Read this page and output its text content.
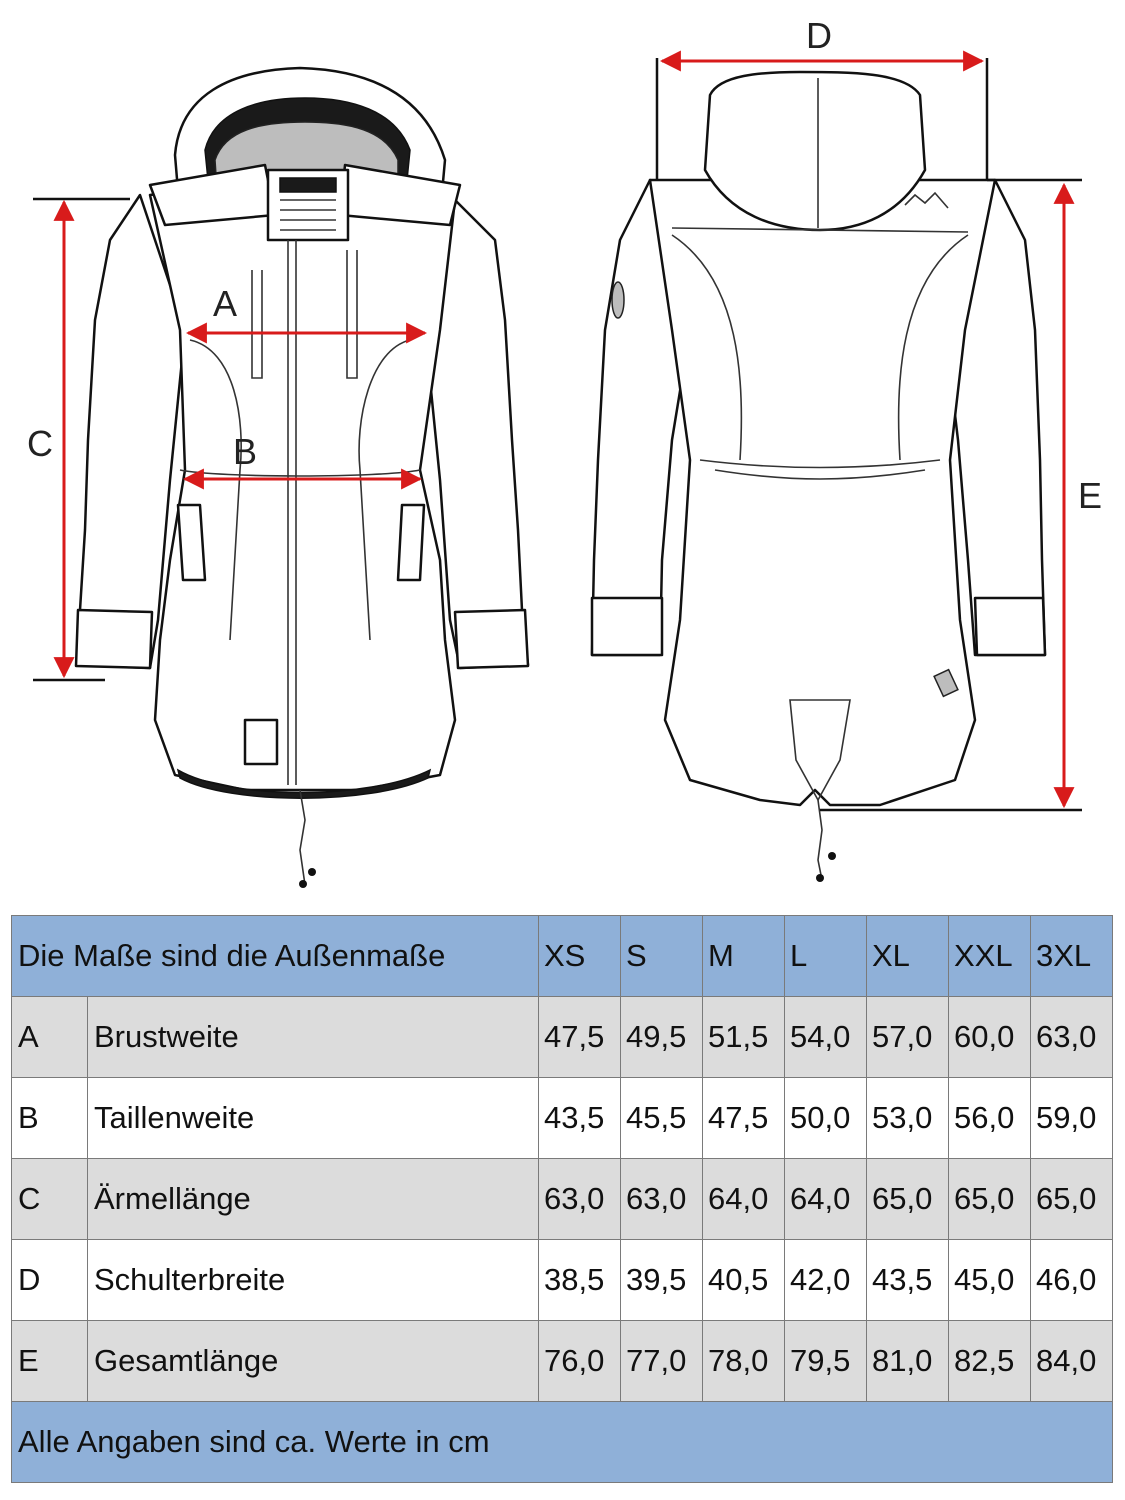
A
B
C
D
E
Die Maße sind die Außenmaße		XS	S	M	L	XL	XXL	3XL
A	Brustweite	47,5	49,5	51,5	54,0	57,0	60,0	63,0
B	Taillenweite	43,5	45,5	47,5	50,0	53,0	56,0	59,0
C	Ärmellänge	63,0	63,0	64,0	64,0	65,0	65,0	65,0
D	Schulterbreite	38,5	39,5	40,5	42,0	43,5	45,0	46,0
E	Gesamtlänge	76,0	77,0	78,0	79,5	81,0	82,5	84,0
Alle Angaben sind ca. Werte in cm								
